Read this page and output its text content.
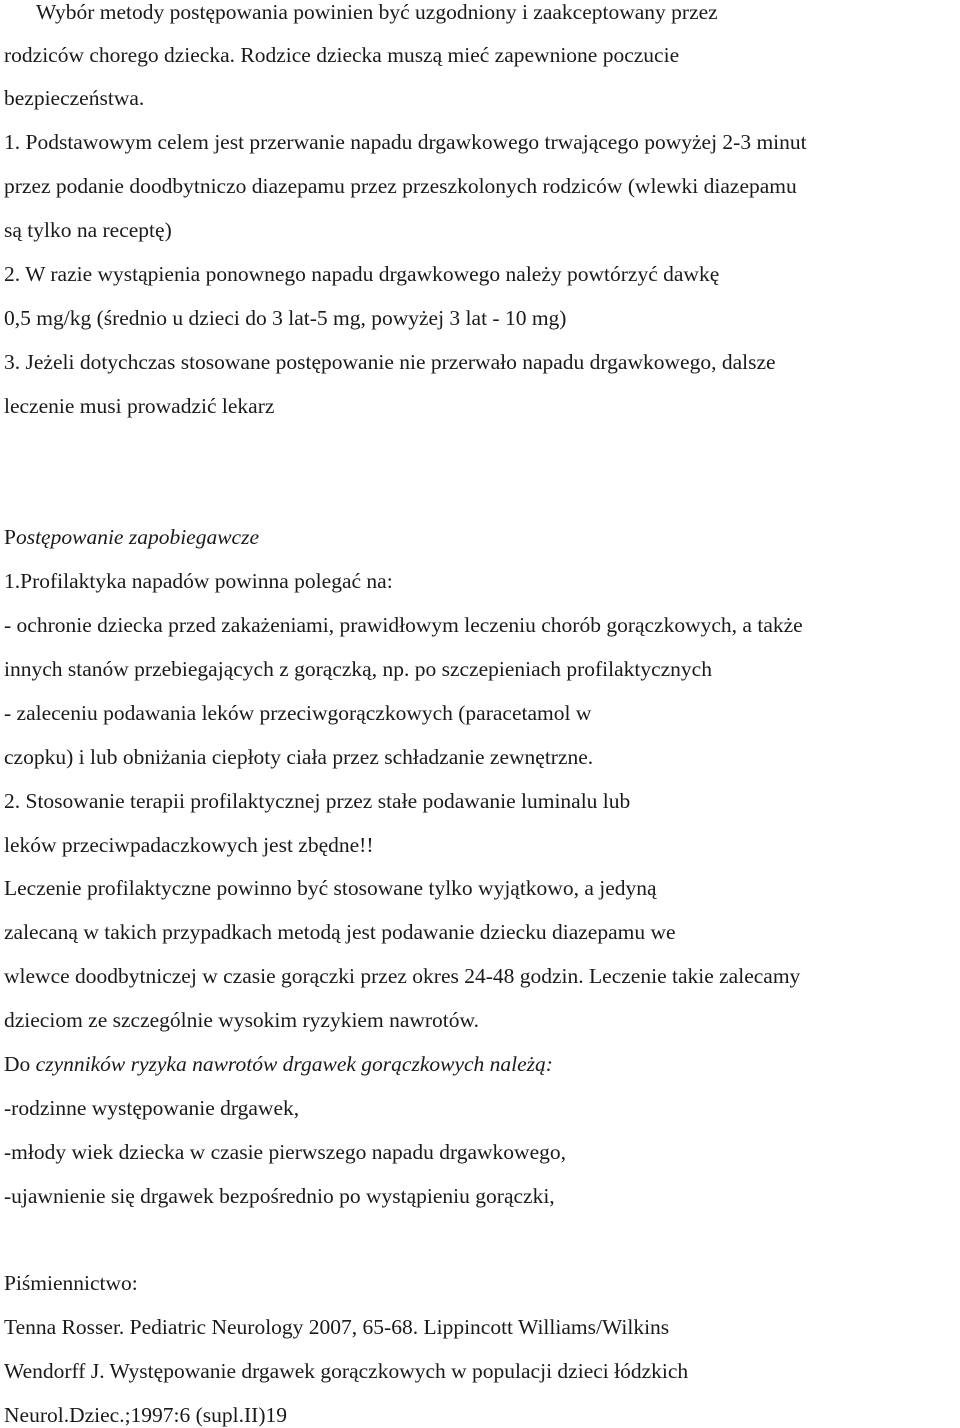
Wybór metody postępowania powinien być uzgodniony i zaakceptowany przez
rodziców chorego dziecka. Rodzice dziecka muszą mieć zapewnione poczucie
bezpieczeństwa.
1. Podstawowym celem jest przerwanie napadu drgawkowego trwającego powyżej 2-3 minut
przez podanie doodbytniczo diazepamu przez przeszkolonych rodziców (wlewki diazepamu
są tylko na receptę)
2. W razie wystąpienia ponownego napadu drgawkowego należy powtórzyć dawkę
0,5 mg/kg (średnio u dzieci do 3 lat-5 mg, powyżej 3 lat - 10 mg)
3. Jeżeli dotychczas stosowane postępowanie nie przerwało napadu drgawkowego, dalsze
leczenie musi prowadzić lekarz
Postępowanie zapobiegawcze
1.Profilaktyka napadów powinna polegać na:
- ochronie dziecka przed zakażeniami, prawidłowym leczeniu chorób gorączkowych, a także
innych stanów przebiegających z gorączką, np. po szczepieniach profilaktycznych
- zaleceniu podawania leków przeciwgorączkowych (paracetamol w
czopku) i lub obniżania ciepłoty ciała przez schładzanie zewnętrzne.
2. Stosowanie terapii profilaktycznej przez stałe podawanie luminalu lub
leków przeciwpadaczkowych jest zbędne!!
Leczenie profilaktyczne powinno być stosowane tylko wyjątkowo, a jedyną
zalecaną w takich przypadkach metodą jest podawanie dziecku diazepamu we
wlewce doodbytniczej w czasie gorączki przez okres 24-48 godzin. Leczenie takie zalecamy
dzieciom ze szczególnie wysokim ryzykiem nawrotów.
Do czynników ryzyka nawrotów drgawek gorączkowych należą:
-rodzinne występowanie drgawek,
-młody wiek dziecka w czasie pierwszego napadu drgawkowego,
-ujawnienie się drgawek bezpośrednio po wystąpieniu gorączki,
Piśmiennictwo:
Tenna Rosser. Pediatric Neurology 2007, 65-68. Lippincott Williams/Wilkins
Wendorff J. Występowanie drgawek gorączkowych w populacji dzieci łódzkich
Neurol.Dziec.;1997:6 (supl.II)19
